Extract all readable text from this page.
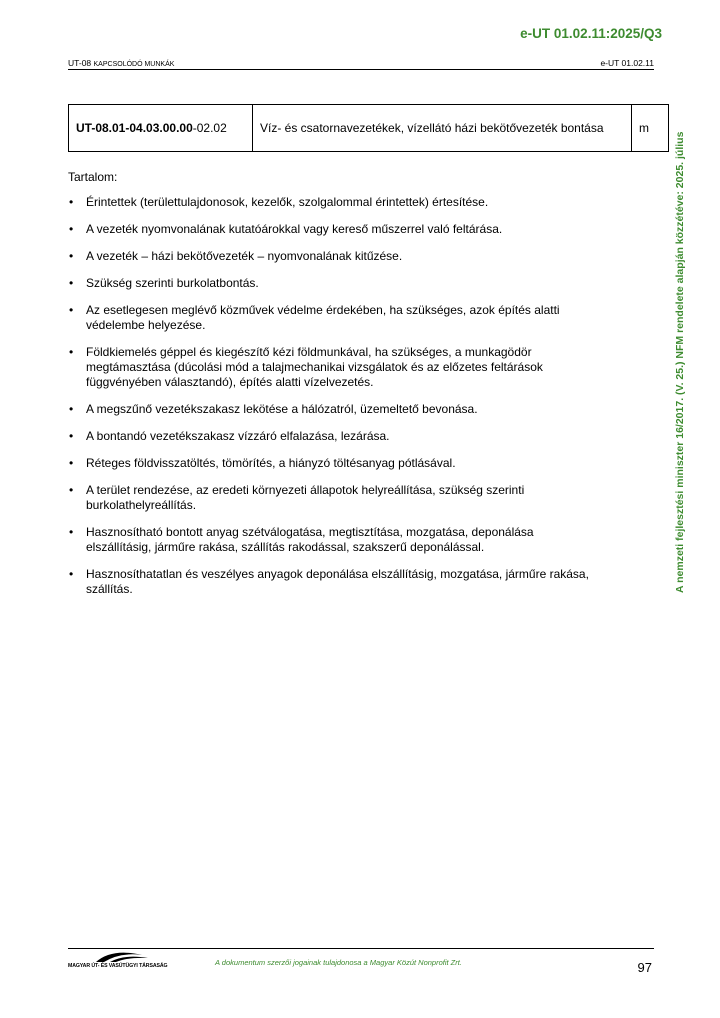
e-UT 01.02.11:2025/Q3
UT-08 KAPCSOLÓDÓ MUNKÁK	e-UT 01.02.11
A nemzeti fejlesztési miniszter 16/2017. (V. 25.) NFM rendelete alapján közzétéve: 2025. július
UT-08.01-04.03.00.00-02.02	Víz- és csatornavezetékek, vízellátó házi bekötővezeték bontása	m

Tartalom:

• Érintettek (területtulajdonosok, kezelők, szolgalommal érintettek) értesítése.
• A vezeték nyomvonalának kutatóárokkal vagy kereső műszerrel való feltárása.
• A vezeték – házi bekötővezeték – nyomvonalának kitűzése.
• Szükség szerinti burkolatbontás.
• Az esetlegesen meglévő közművek védelme érdekében, ha szükséges, azok építés alatti védelembe helyezése.
• Földkiemelés géppel és kiegészítő kézi földmunkával, ha szükséges, a munkagödör megtámasztása (dúcolási mód a talajmechanikai vizsgálatok és az előzetes feltárások függvényében választandó), építés alatti vízelvezetés.
• A megszűnő vezetékszakasz lekötése a hálózatról, üzemeltető bevonása.
• A bontandó vezetékszakasz vízzáró elfalazása, lezárása.
• Réteges földvisszatöltés, tömörítés, a hiányzó töltésanyag pótlásával.
• A terület rendezése, az eredeti környezeti állapotok helyreállítása, szükség szerinti burkolathelyreállítás.
• Hasznosítható bontott anyag szétválogatása, megtisztítása, mozgatása, deponálása elszállításig, járműre rakása, szállítás rakodással, szakszerű deponálással.
• Hasznosíthatatlan és veszélyes anyagok deponálása elszállításig, mozgatása, járműre rakása, szállítás.
MAGYAR ÚT- ÉS VASÚTÜGYI TÁRSASÁG	A dokumentum szerzői jogainak tulajdonosa a Magyar Közút Nonprofit Zrt.	97
